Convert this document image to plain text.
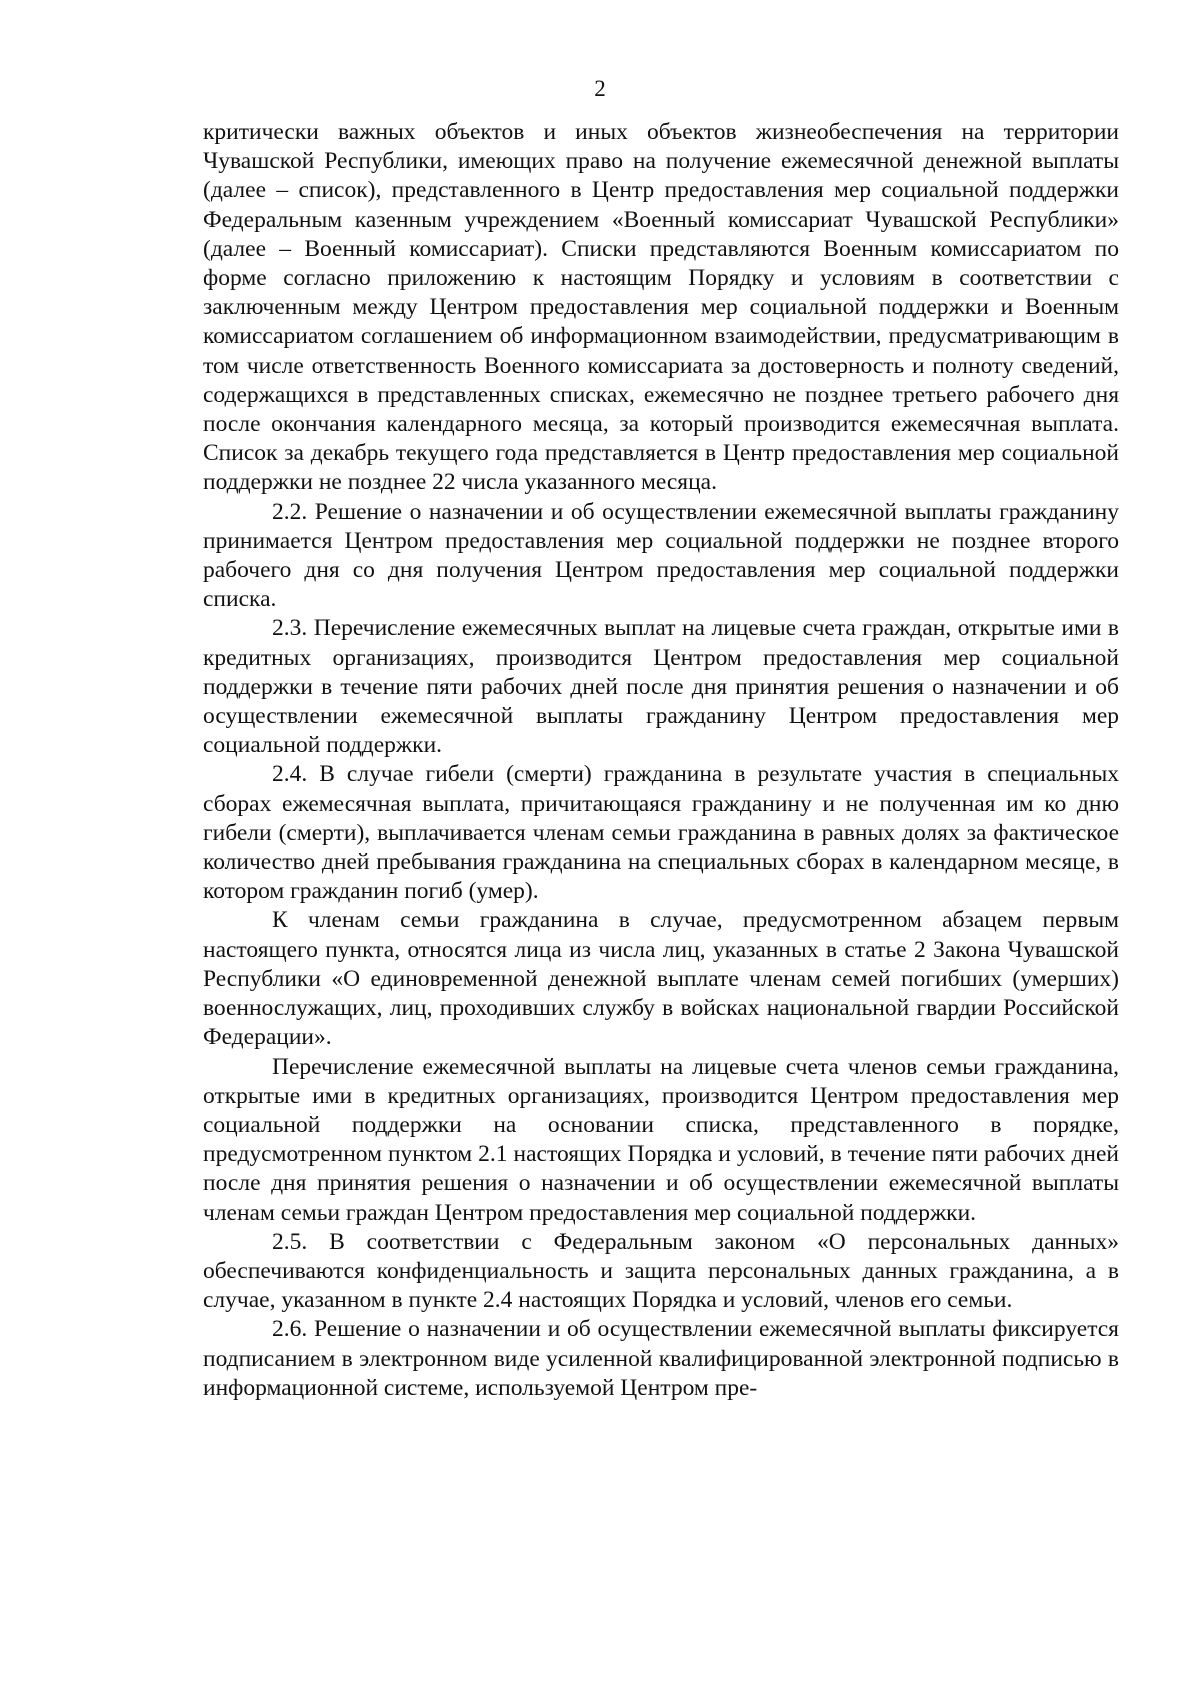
2

критически важных объектов и иных объектов жизнеобеспечения на территории Чувашской Республики, имеющих право на получение ежемесячной денежной выплаты (далее – список), представленного в Центр предоставления мер социальной поддержки Федеральным казенным учреждением «Военный комиссариат Чувашской Республики» (далее – Военный комиссариат). Списки представляются Военным комиссариатом по форме согласно приложению к настоящим Порядку и условиям в соответствии с заключенным между Центром предоставления мер социальной поддержки и Военным комиссариатом соглашением об информационном взаимодействии, предусматривающим в том числе ответственность Военного комиссариата за достоверность и полноту сведений, содержащихся в представленных списках, ежемесячно не позднее третьего рабочего дня после окончания календарного месяца, за который производится ежемесячная выплата. Список за декабрь текущего года представляется в Центр предоставления мер социальной поддержки не позднее 22 числа указанного месяца.

2.2. Решение о назначении и об осуществлении ежемесячной выплаты гражданину принимается Центром предоставления мер социальной поддержки не позднее второго рабочего дня со дня получения Центром предоставления мер социальной поддержки списка.

2.3. Перечисление ежемесячных выплат на лицевые счета граждан, открытые ими в кредитных организациях, производится Центром предоставления мер социальной поддержки в течение пяти рабочих дней после дня принятия решения о назначении и об осуществлении ежемесячной выплаты гражданину Центром предоставления мер социальной поддержки.

2.4. В случае гибели (смерти) гражданина в результате участия в специальных сборах ежемесячная выплата, причитающаяся гражданину и не полученная им ко дню гибели (смерти), выплачивается членам семьи гражданина в равных долях за фактическое количество дней пребывания гражданина на специальных сборах в календарном месяце, в котором гражданин погиб (умер).

К членам семьи гражданина в случае, предусмотренном абзацем первым настоящего пункта, относятся лица из числа лиц, указанных в статье 2 Закона Чувашской Республики «О единовременной денежной выплате членам семей погибших (умерших) военнослужащих, лиц, проходивших службу в войсках национальной гвардии Российской Федерации».

Перечисление ежемесячной выплаты на лицевые счета членов семьи гражданина, открытые ими в кредитных организациях, производится Центром предоставления мер социальной поддержки на основании списка, представленного в порядке, предусмотренном пунктом 2.1 настоящих Порядка и условий, в течение пяти рабочих дней после дня принятия решения о назначении и об осуществлении ежемесячной выплаты членам семьи граждан Центром предоставления мер социальной поддержки.

2.5. В соответствии с Федеральным законом «О персональных данных» обеспечиваются конфиденциальность и защита персональных данных гражданина, а в случае, указанном в пункте 2.4 настоящих Порядка и условий, членов его семьи.

2.6. Решение о назначении и об осуществлении ежемесячной выплаты фиксируется подписанием в электронном виде усиленной квалифицированной электронной подписью в информационной системе, используемой Центром пре-
